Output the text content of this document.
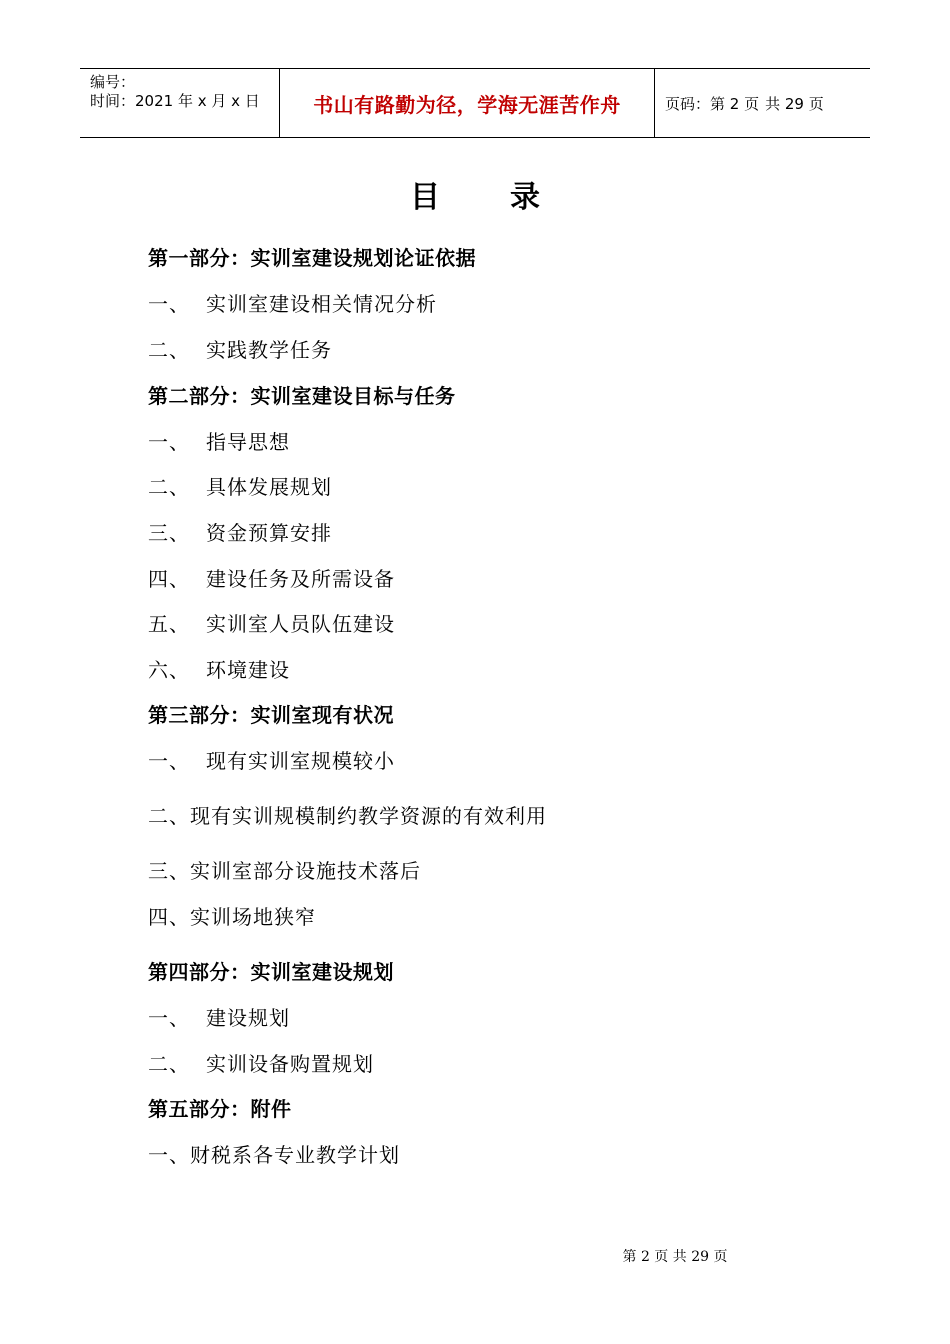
编号：
时间：2021 年 x 月 x 日	书山有路勤为径，学海无涯苦作舟	页码：第 2 页 共 29 页
目录
第一部分：实训室建设规划论证依据
一、 实训室建设相关情况分析
二、 实践教学任务
第二部分：实训室建设目标与任务
一、 指导思想
二、 具体发展规划
三、 资金预算安排
四、 建设任务及所需设备
五、 实训室人员队伍建设
六、 环境建设
第三部分：实训室现有状况
一、 现有实训室规模较小
二、现有实训规模制约教学资源的有效利用
三、实训室部分设施技术落后
四、实训场地狭窄
第四部分：实训室建设规划
一、 建设规划
二、 实训设备购置规划
第五部分：附件
一、财税系各专业教学计划
第 2 页 共 29 页
